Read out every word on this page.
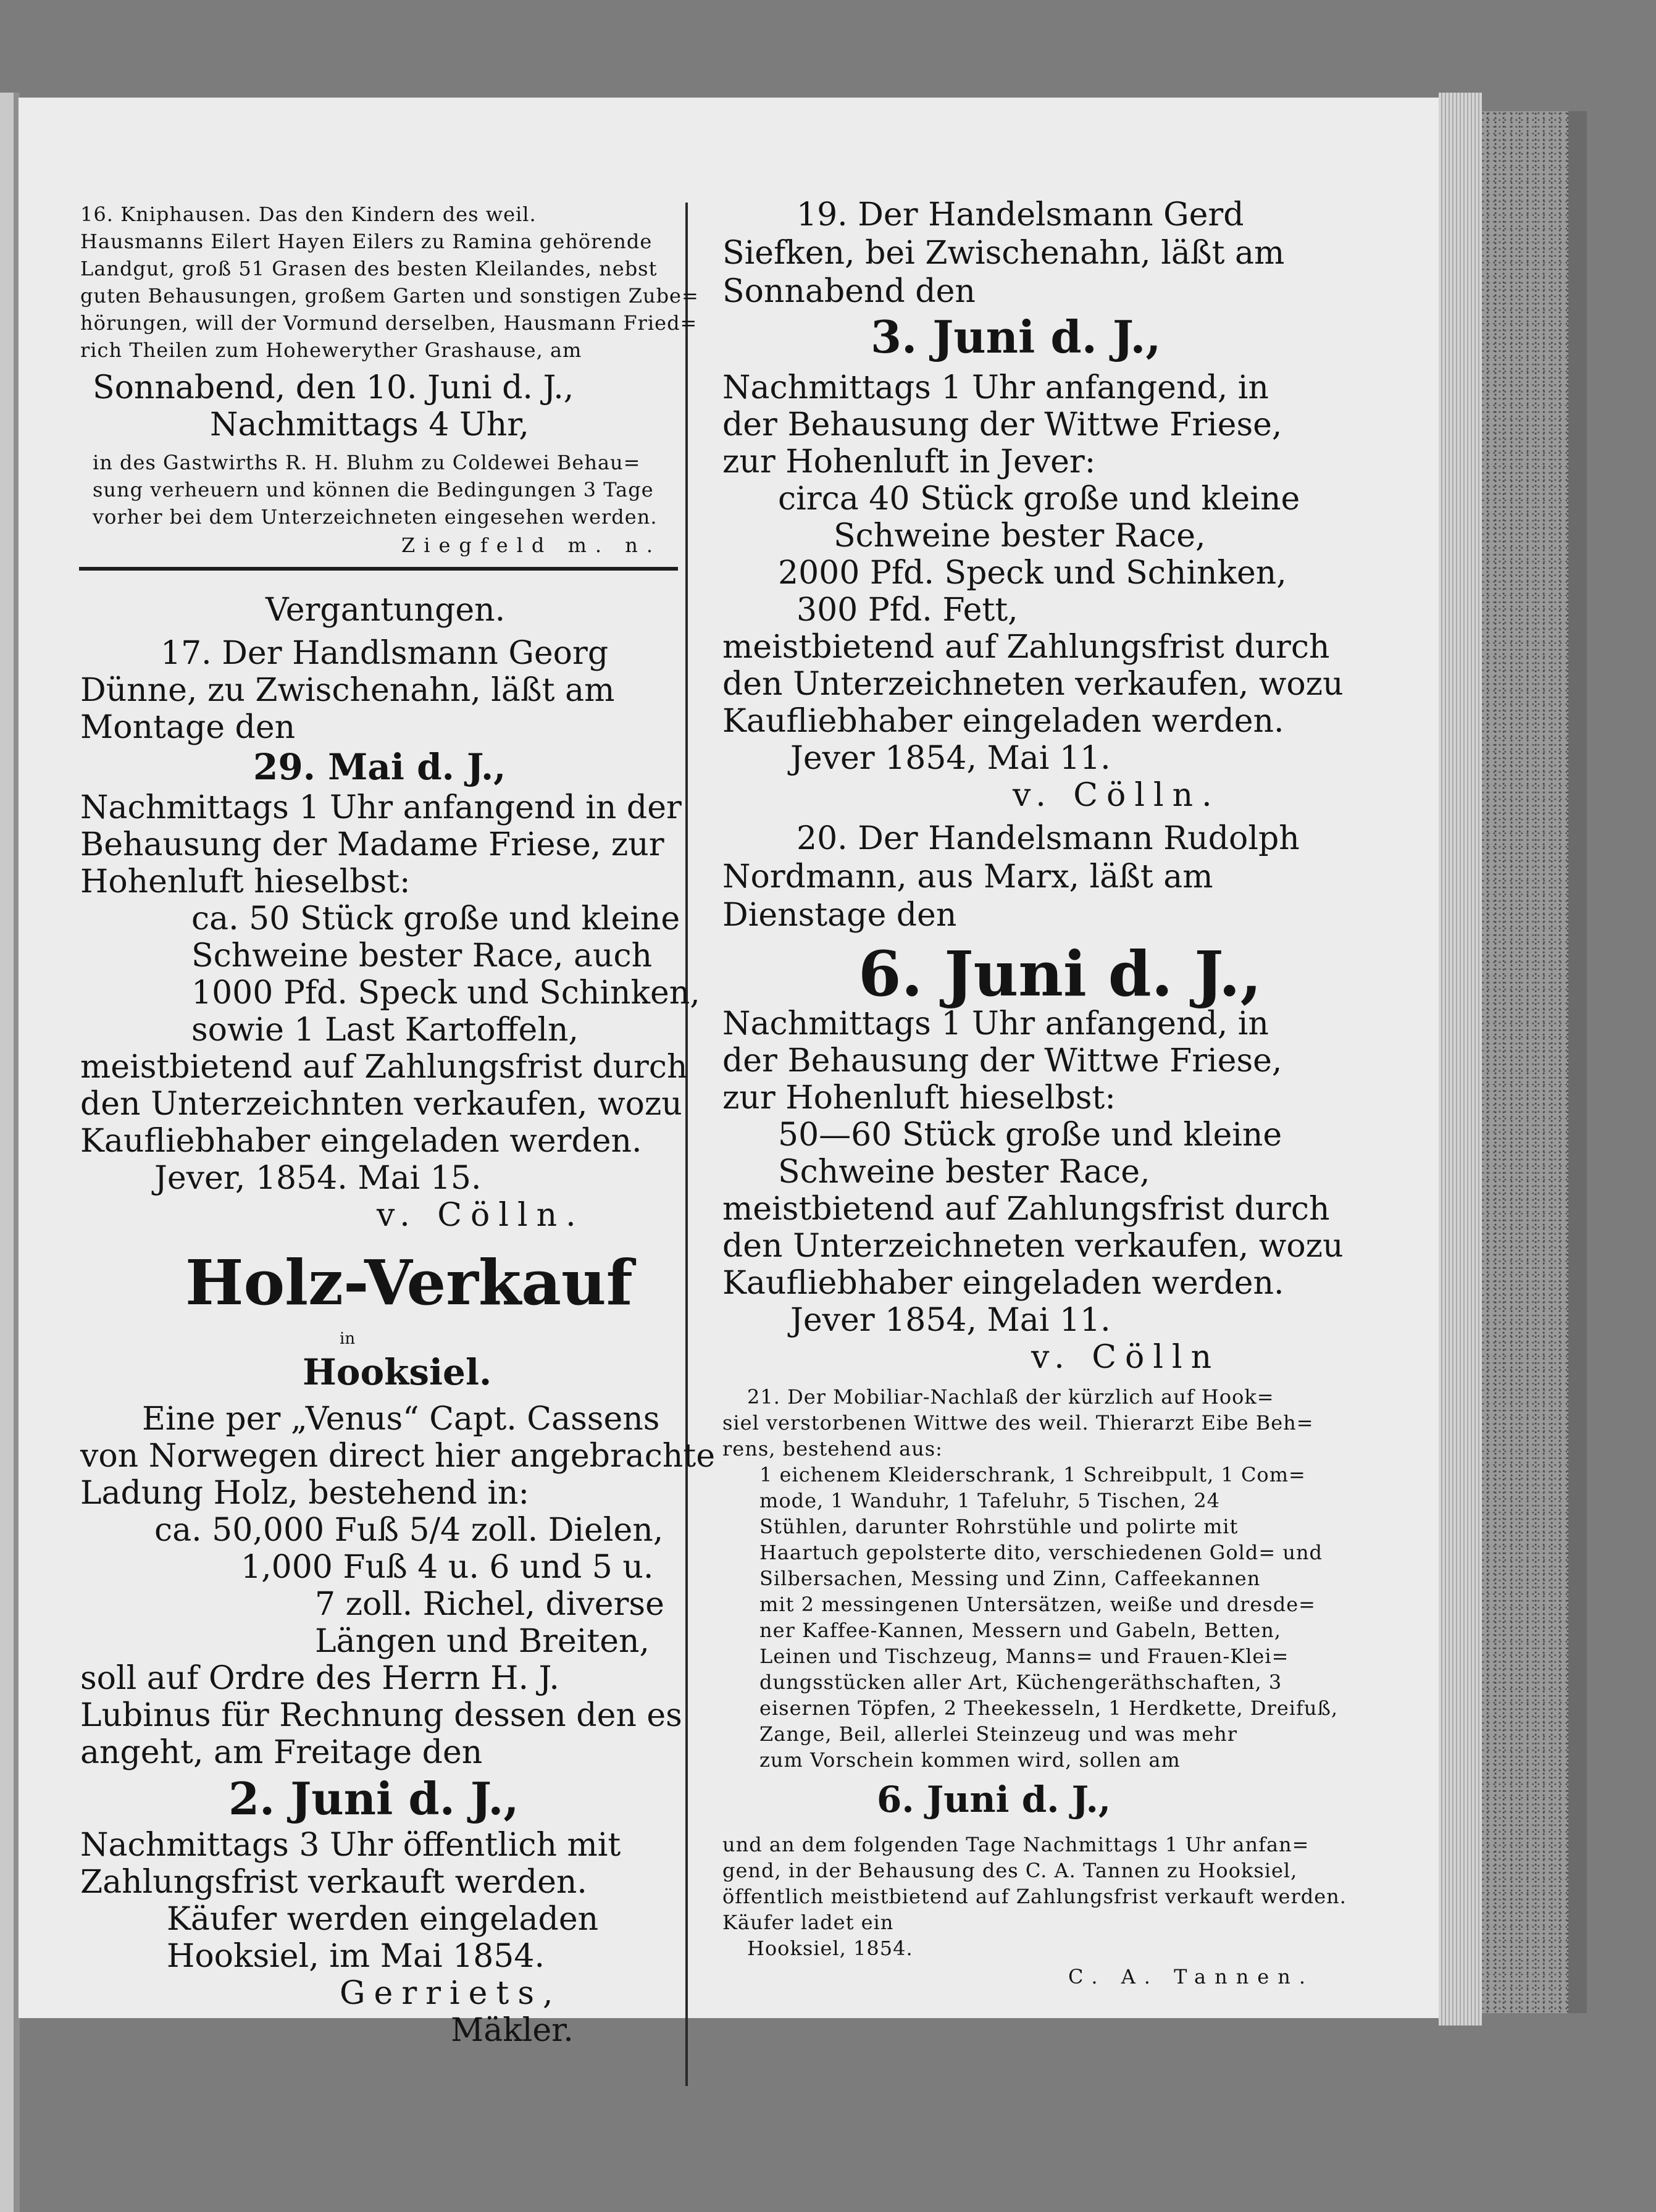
16. Kniphausen. Das den Kindern des weil.
Hausmanns Eilert Hayen Eilers zu Ramina gehörende
Landgut, groß 51 Grasen des besten Kleilandes, nebst
guten Behausungen, großem Garten und sonstigen Zube=
hörungen, will der Vormund derselben, Hausmann Fried=
rich Theilen zum Hoheweryther Grashause, am
Sonnabend, den 10. Juni d. J.,
Nachmittags 4 Uhr,
in des Gastwirths R. H. Bluhm zu Coldewei Behau=
sung verheuern und können die Bedingungen 3 Tage
vorher bei dem Unterzeichneten eingesehen werden.
Ziegfeld m. n.
Vergantungen.
17. Der Handlsmann Georg
Dünne, zu Zwischenahn, läßt am
Montage den
29. Mai d. J.,
Nachmittags 1 Uhr anfangend in der
Behausung der Madame Friese, zur
Hohenluft hieselbst:
ca. 50 Stück große und kleine
Schweine bester Race, auch
1000 Pfd. Speck und Schinken,
sowie 1 Last Kartoffeln,
meistbietend auf Zahlungsfrist durch
den Unterzeichnten verkaufen, wozu
Kaufliebhaber eingeladen werden.
Jever, 1854. Mai 15.
v. Cölln.
Holz-Verkauf
in
Hooksiel.
Eine per „Venus“ Capt. Cassens
von Norwegen direct hier angebrachte
Ladung Holz, bestehend in:
ca. 50,000 Fuß 5/4 zoll. Dielen,
1,000 Fuß 4 u. 6 und 5 u.
7 zoll. Richel, diverse
Längen und Breiten,
soll auf Ordre des Herrn H. J.
Lubinus für Rechnung dessen den es
angeht, am Freitage den
2. Juni d. J.,
Nachmittags 3 Uhr öffentlich mit
Zahlungsfrist verkauft werden.
Käufer werden eingeladen
Hooksiel, im Mai 1854.
Gerriets,
Mäkler.
19. Der Handelsmann Gerd
Siefken, bei Zwischenahn, läßt am
Sonnabend den
3. Juni d. J.,
Nachmittags 1 Uhr anfangend, in
der Behausung der Wittwe Friese,
zur Hohenluft in Jever:
circa 40 Stück große und kleine
Schweine bester Race,
2000 Pfd. Speck und Schinken,
300 Pfd. Fett,
meistbietend auf Zahlungsfrist durch
den Unterzeichneten verkaufen, wozu
Kaufliebhaber eingeladen werden.
Jever 1854, Mai 11.
v. Cölln.
20. Der Handelsmann Rudolph
Nordmann, aus Marx, läßt am
Dienstage den
6. Juni d. J.,
Nachmittags 1 Uhr anfangend, in
der Behausung der Wittwe Friese,
zur Hohenluft hieselbst:
50—60 Stück große und kleine
Schweine bester Race,
meistbietend auf Zahlungsfrist durch
den Unterzeichneten verkaufen, wozu
Kaufliebhaber eingeladen werden.
Jever 1854, Mai 11.
v. Cölln
21. Der Mobiliar-Nachlaß der kürzlich auf Hook=
siel verstorbenen Wittwe des weil. Thierarzt Eibe Beh=
rens, bestehend aus:
1 eichenem Kleiderschrank, 1 Schreibpult, 1 Com=
mode, 1 Wanduhr, 1 Tafeluhr, 5 Tischen, 24
Stühlen, darunter Rohrstühle und polirte mit
Haartuch gepolsterte dito, verschiedenen Gold= und
Silbersachen, Messing und Zinn, Caffeekannen
mit 2 messingenen Untersätzen, weiße und dresde=
ner Kaffee-Kannen, Messern und Gabeln, Betten,
Leinen und Tischzeug, Manns= und Frauen-Klei=
dungsstücken aller Art, Küchengeräthschaften, 3
eisernen Töpfen, 2 Theekesseln, 1 Herdkette, Dreifuß,
Zange, Beil, allerlei Steinzeug und was mehr
zum Vorschein kommen wird, sollen am
6. Juni d. J.,
und an dem folgenden Tage Nachmittags 1 Uhr anfan=
gend, in der Behausung des C. A. Tannen zu Hooksiel,
öffentlich meistbietend auf Zahlungsfrist verkauft werden.
Käufer ladet ein
Hooksiel, 1854.
C. A. Tannen.
